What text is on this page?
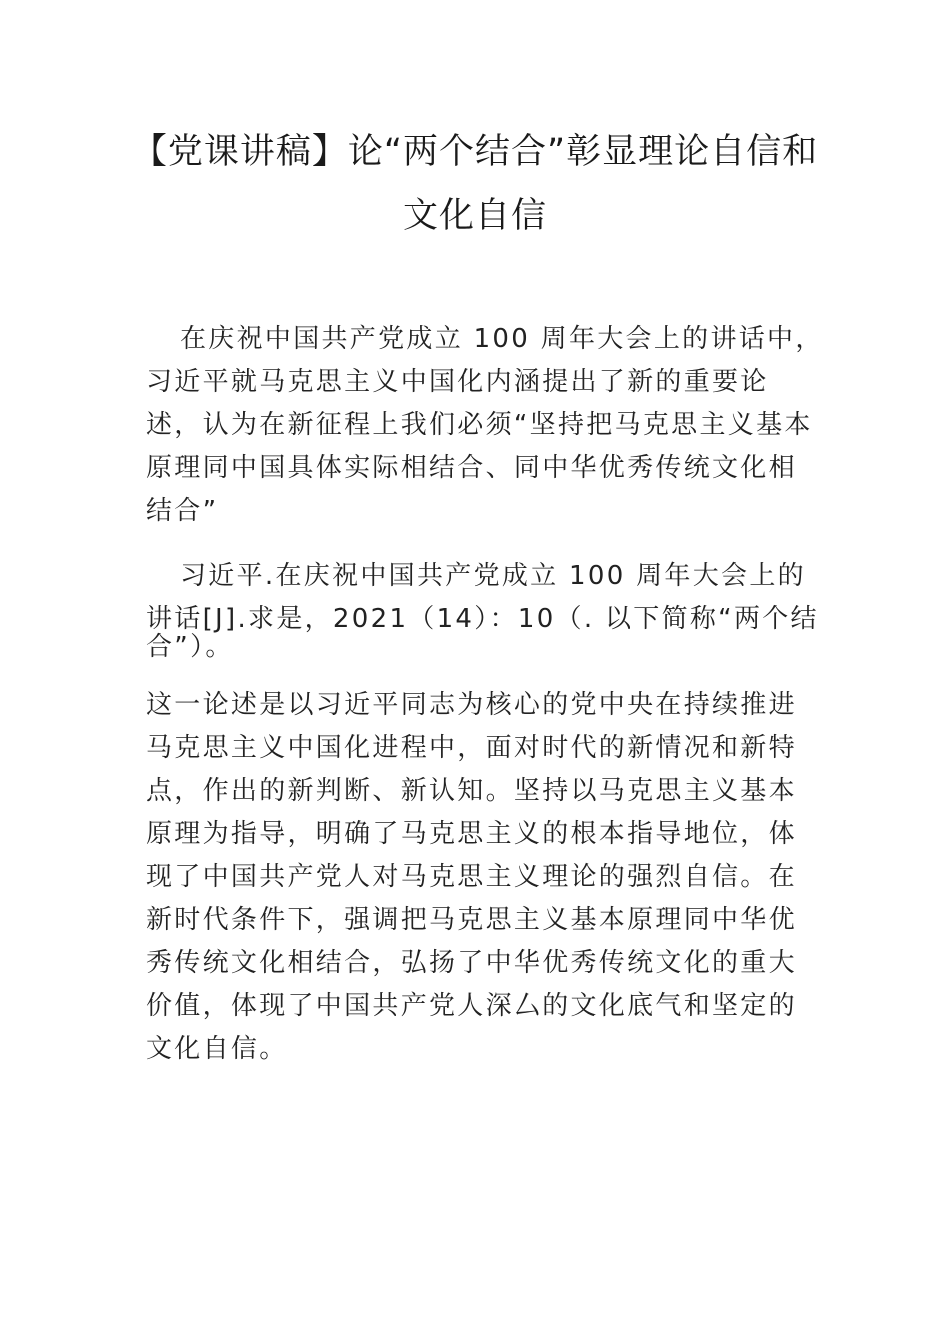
【党课讲稿】论“两个结合”彰显理论自信和
文化自信
在庆祝中国共产党成立 100 周年大会上的讲话中，
习近平就马克思主义中国化内涵提出了新的重要论
述，认为在新征程上我们必须“坚持把马克思主义基本
原理同中国具体实际相结合、同中华优秀传统文化相
结合”
习近平.在庆祝中国共产党成立 100 周年大会上的
讲话[J].求是，2021（14）：10（. 以下简称“两个结
合”）。
这一论述是以习近平同志为核心的党中央在持续推进
马克思主义中国化进程中，面对时代的新情况和新特
点，作出的新判断、新认知。坚持以马克思主义基本
原理为指导，明确了马克思主义的根本指导地位，体
现了中国共产党人对马克思主义理论的强烈自信。在
新时代条件下，强调把马克思主义基本原理同中华优
秀传统文化相结合，弘扬了中华优秀传统文化的重大
价值，体现了中国共产党人深厶的文化底气和坚定的
文化自信。
